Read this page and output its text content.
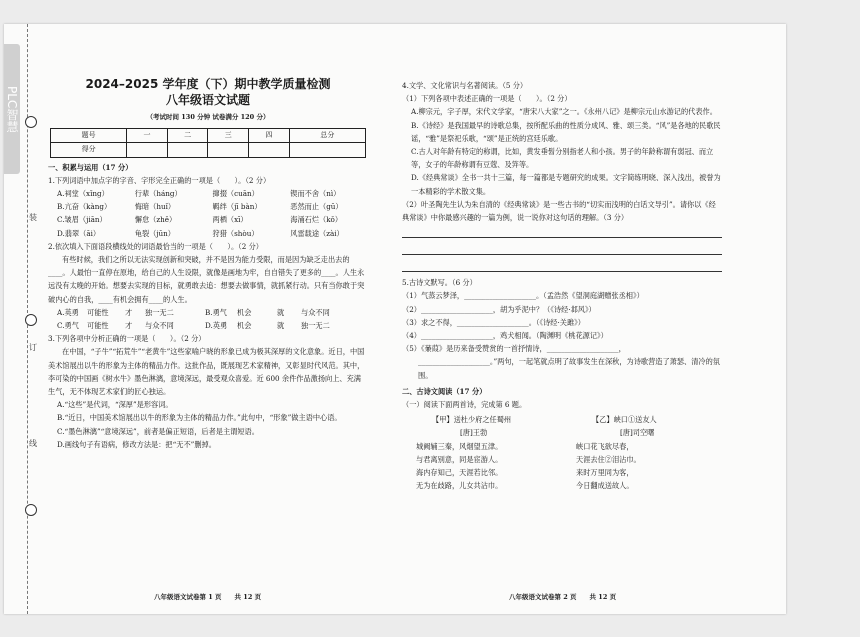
PLC智慧
装
订
线
2024–2025 学年度（下）期中教学质量检测
八年级语文试题
（考试时间 130 分钟 试卷满分 120 分）
题号	一	二	三	四	总分
得分					
一、积累与运用（17 分）

1.下列词语中加点字的字音、字形完全正确的一项是（　　）。（2 分）

A.祠堂（xǐng）	行辈（háng）	撺掇（cuān）	锲而不舍（nì）
B.亢奋（kàng）	悔暗（huǐ）	羁绊（jī bàn）	恶然而止（gū）
C.皱眉（jiān）	懈怠（zhě）	两栖（xī）	海涌石烂（kǒ）
D.翡翠（āi）	龟裂（jūn）	狩猎（shòu）	风雷载途（zài）

2.依次填入下面语段横线处的词语最恰当的一项是（　　）。（2 分）

有些时候，我们之所以无法实现创新和突破，并不是因为能力受限，而是因为缺乏走出去的____。人最怕一直停在原地，给自己的人生设限，就像是画地为牢，自自错失了更多的____。人生永远没有太晚的开始。想要去实现的目标，就勇敢去追：想要去做事情，就抓紧行动。只有当你敢于突破内心的自我，____有机会拥有____的人生。

A.英勇	可能性	才	独一无二	B.勇气	机会	就	与众不同
C.勇气	可能性	才	与众不同	D.英勇	机会	就	独一无二

3.下列各项中分析正确的一项是（　　）。（2 分）

在中国，“子牛”“拓荒牛”“老黄牛”这些家喻户晓的形象已成为极其深厚的文化意象。近日，中国美术馆展出以牛的形象为主体的精品力作。这批作品，既展现艺术家精神，又彰显时代风范。其中，李可染的中国画《树水牛》墨色淋漓，意境深远，最受观众喜爱。近 600 余件作品激扬向上、充满生气，无不体现艺术家们的匠心独运。

A.“这些”是代词，“深厚”是形容词。

B.“近日，中国美术馆展出以牛的形象为主体的精品力作。”此句中，“形象”做主语中心语。

C.“墨色淋漓”“意境深远”，前者是偏正短语，后者是主谓短语。

D.画线句子有语病，修改方法是：把“无不”删掉。

八年级语文试卷第 1 页　　共 12 页

4.文学、文化常识与名著阅读。（5 分）

（1）下列各项中表述正确的一项是（　　）。（2 分）

A.柳宗元，字子厚，宋代文学家，“唐宋八大家”之一。《永州八记》是柳宗元山水游记的代表作。

B.《诗经》是我国最早的诗歌总集，按所配乐曲的性质分成风、雅、颂三类。“风”是各地的民歌民谣，“雅”是祭祀乐歌，“颂”是正统的宫廷乐歌。

C.古人对年龄有特定的称谓，比如，黄发垂髫分别指老人和小孩。男子的年龄称谓有弱冠、而立等，女子的年龄称谓有豆蔻、及笄等。

D.《经典常谈》全书一共十三篇，每一篇都是专题研究的成果。文字简练明晓、深入浅出，被誉为一本精彩的学术散文集。

（2）叶圣陶先生认为朱自清的《经典常谈》是一些古书的“切实而浅明的白话文导引”。请你以《经典常谈》中你最感兴趣的一篇为例，说一说你对这句话的理解。（3 分）

5.古诗文默写。（6 分）

（1）气蒸云梦泽，____________________。（孟浩然《望洞庭湖赠张丞相》）

（2）____________________，胡为乎泥中？（《诗经·邶风》）

（3）求之不得，____________________。（《诗经·关雎》）

（4）____________________，鸡犬相闻。（陶渊明《桃花源记》）

（5）《蒹葭》是历来备受赞赏的一首抒情诗，____________________，

____________________。”两句，一起笔就点明了故事发生在深秋，为诗歌营造了萧瑟、清冷的氛围。

二、古诗文阅读（17 分）

（一）阅读下面两首诗，完成第 6 题。

【甲】送杜少府之任蜀州
[唐]王勃
城阙辅三秦，风烟望五津。
与君离别意，同是宦游人。
海内存知己，天涯若比邻。
无为在歧路，儿女共沾巾。
【乙】峡口①送友人
[唐]司空曙
峡口花飞欲尽春，
天涯去住②泪沾巾。
来时万里同为客，
今日翻成送故人。
八年级语文试卷第 2 页　　共 12 页
